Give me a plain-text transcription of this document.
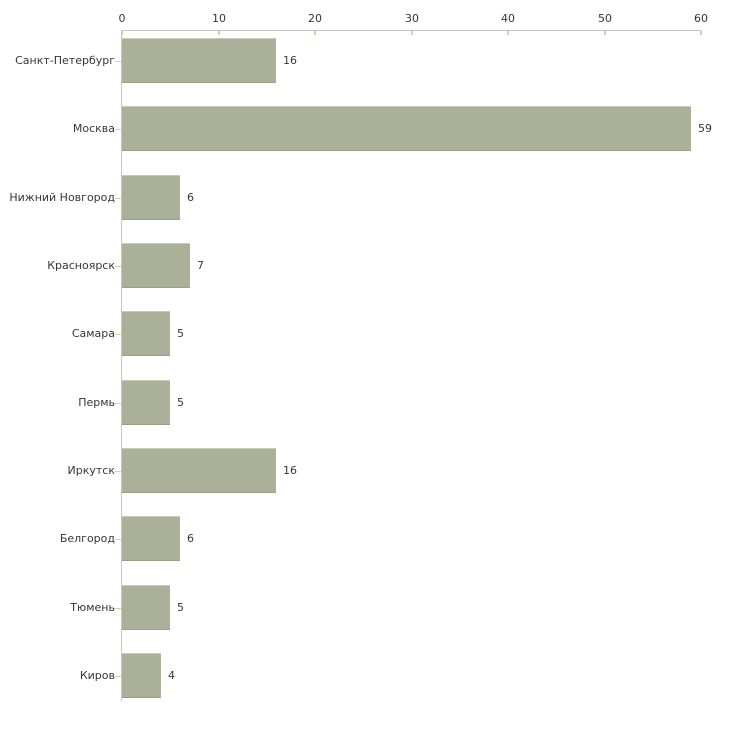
0	10	20	30	40	50	60
16
Санкт-Петербург
59
Москва
6
Нижний Новгород
7
Красноярск
5
Самара
5
Пермь
16
Иркутск
6
Белгород
5
Тюмень
4
Киров
